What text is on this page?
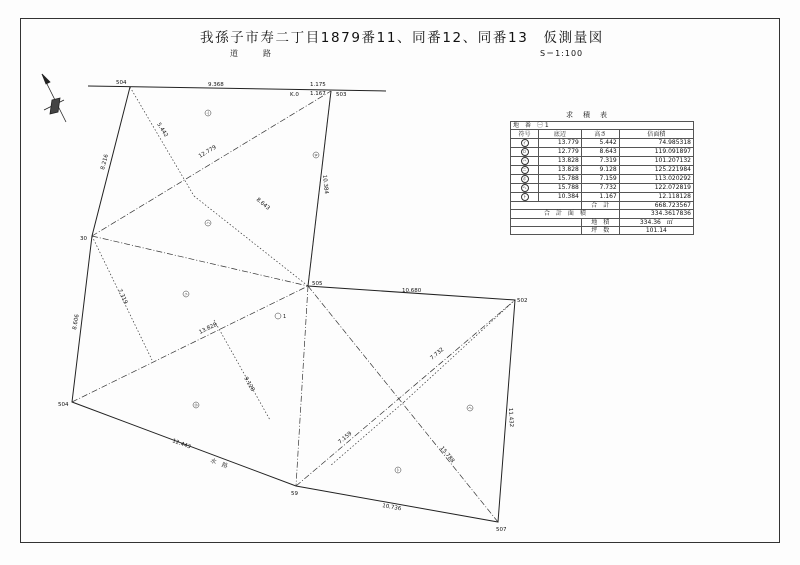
我孫子市寿二丁目1879番11、同番12、同番13　仮測量図
道　　路	S＝1:100
504
K.0	503
30
505
502
504
59
507
9.368	1.175
1.167
8.216
8.606
10.384
10.680
11.432
12.443
10.736
12.779
13.828
15.788
7.732
5.442
8.643
7.319
9.128
7.159
水　路
イ
ロ
ハ
ニ
ホ
ヘ
ト
1
求　積　表
地　番　㊀ 1			
符号	底辺	高さ	倍面積
イ	13.779	5.442	74.985318
ロ	12.779	8.643	119.091897
ハ	13.828	7.319	101.207132
ニ	13.828	9.128	125.221984
ホ	15.788	7.159	113.020292
ヘ	15.788	7.732	122.072819
ト	10.384	1.167	12.118128
		合　計	668.723567
合　計　面　積			334.3617836
		地　積	334.36　㎡
		坪　数	101.14
